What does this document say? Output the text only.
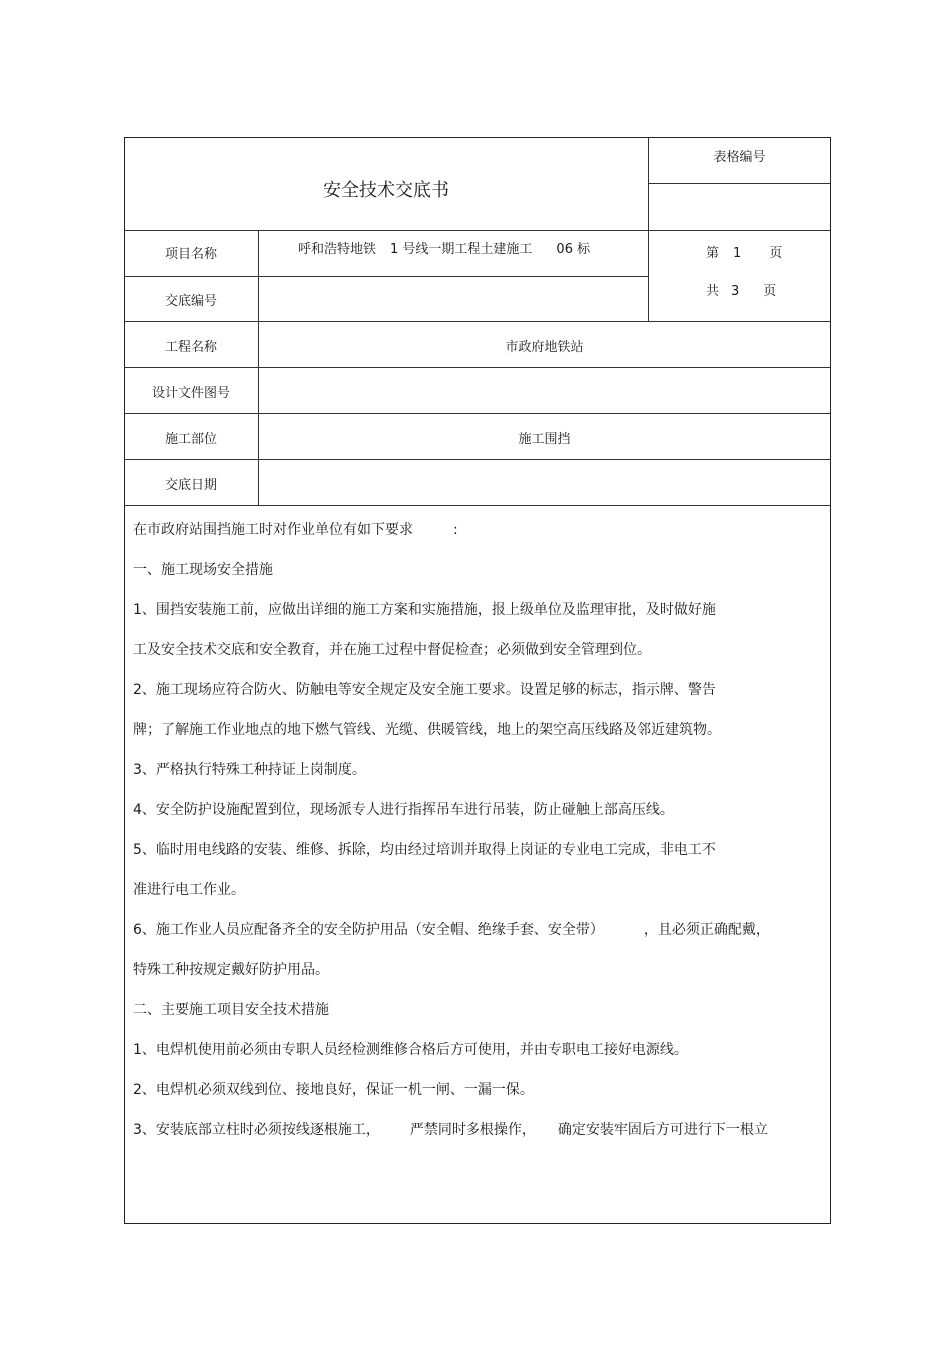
安全技术交底书
表格编号
项目名称	呼和浩特地铁 1 号线一期工程土建施工 06 标
交底编号
第 1 页
共 3 页
工程名称	市政府地铁站
设计文件图号
施工部位	施工围挡
交底日期
在市政府站围挡施工时对作业单位有如下要求	:
一、施工现场安全措施
1、围挡安装施工前，应做出详细的施工方案和实施措施，报上级单位及监理审批，及时做好施
工及安全技术交底和安全教育，并在施工过程中督促检查；必须做到安全管理到位。
2、施工现场应符合防火、防触电等安全规定及安全施工要求。设置足够的标志，指示牌、警告
牌；了解施工作业地点的地下燃气管线、光缆、供暖管线，地上的架空高压线路及邻近建筑物。
3、严格执行特殊工种持证上岗制度。
4、安全防护设施配置到位，现场派专人进行指挥吊车进行吊装，防止碰触上部高压线。
5、临时用电线路的安装、维修、拆除，均由经过培训并取得上岗证的专业电工完成，非电工不
准进行电工作业。
6、施工作业人员应配备齐全的安全防护用品（安全帽、绝缘手套、安全带）	，且必须正确配戴，
特殊工种按规定戴好防护用品。
二、主要施工项目安全技术措施
1、电焊机使用前必须由专职人员经检测维修合格后方可使用，并由专职电工接好电源线。
2、电焊机必须双线到位、接地良好，保证一机一闸、一漏一保。
3、安装底部立柱时必须按线逐根施工， 严禁同时多根操作， 确定安装牢固后方可进行下一根立
